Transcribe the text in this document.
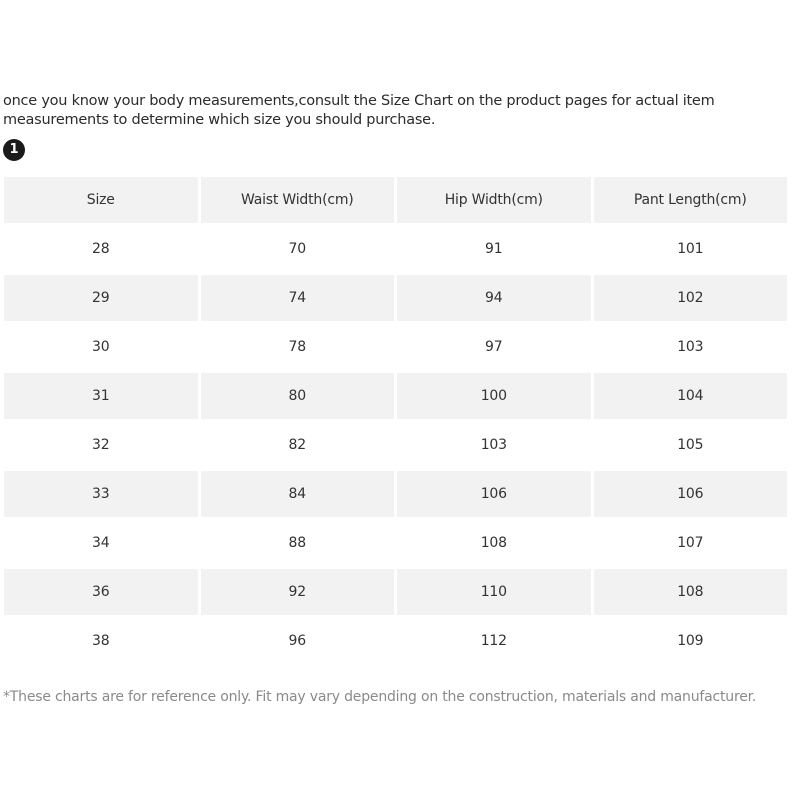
once you know your body measurements,consult the Size Chart on the product pages for actual item
measurements to determine which size you should purchase.
1
Size	Waist Width(cm)	Hip Width(cm)	Pant Length(cm)
28	70	91	101
29	74	94	102
30	78	97	103
31	80	100	104
32	82	103	105
33	84	106	106
34	88	108	107
36	92	110	108
38	96	112	109
*These charts are for reference only. Fit may vary depending on the construction, materials and manufacturer.
